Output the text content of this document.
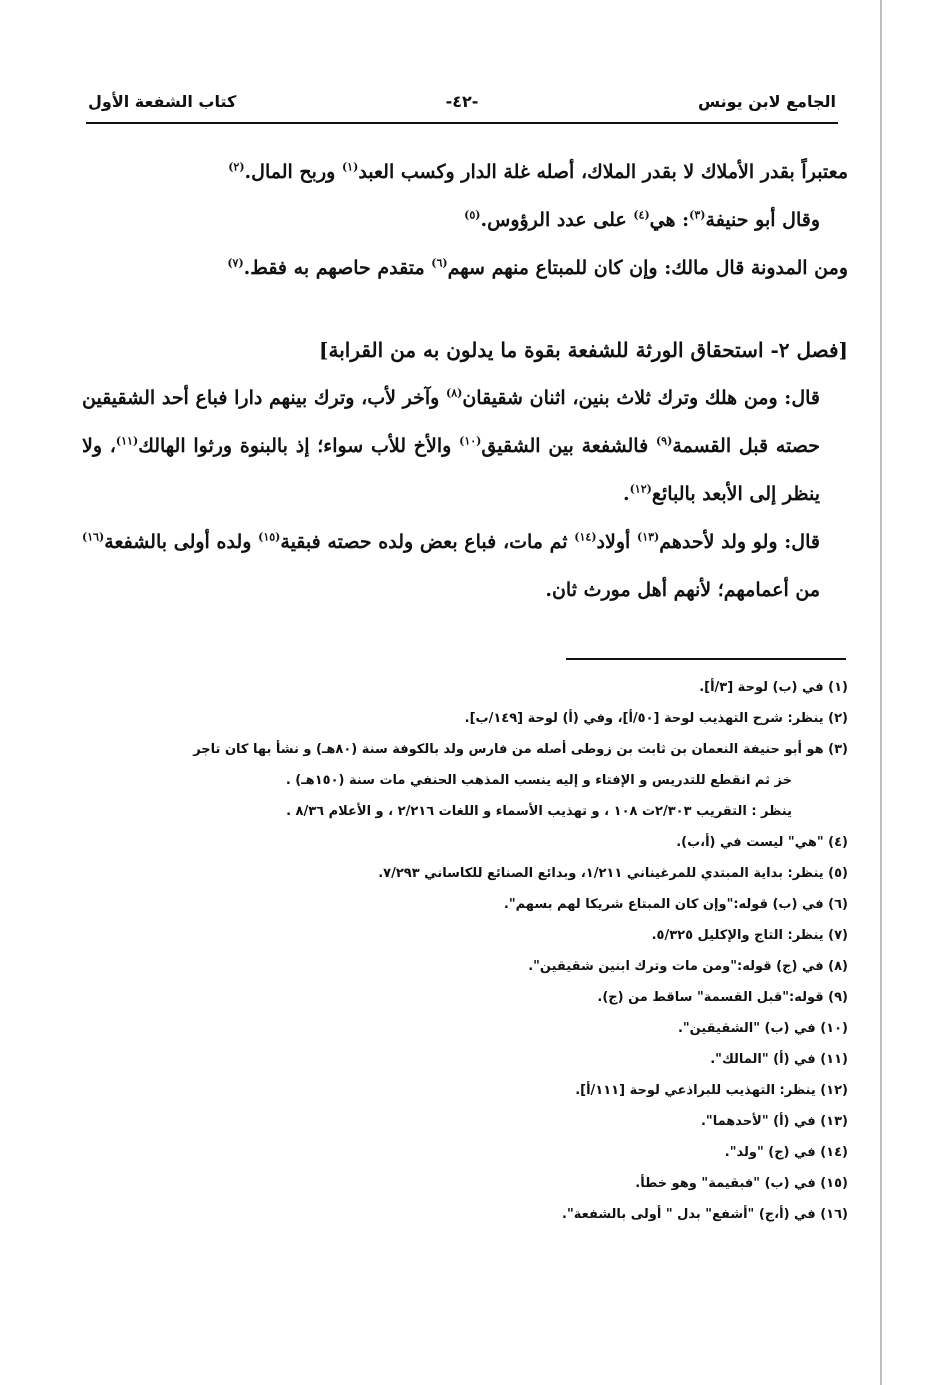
الجامع لابن يونس
-٤٢-
كتاب الشفعة الأول

معتبراً بقدر الأملاك لا بقدر الملاك، أصله غلة الدار وكسب العبد$^{(١)}$ وربح المال.$^{(٢)}$

وقال أبو حنيفة$^{(٣)}$: هي$^{(٤)}$ على عدد الرؤوس.$^{(٥)}$

ومن المدونة قال مالك: وإن كان للمبتاع منهم سهم$^{(٦)}$ متقدم حاصهم به فقط.$^{(٧)}$

[فصل ٢- استحقاق الورثة للشفعة بقوة ما يدلون به من القرابة]

قال: ومن هلك وترك ثلاث بنين، اثنان شقيقان$^{(٨)}$ وآخر لأب، وترك بينهم دارا فباع أحد الشقيقين حصته قبل القسمة$^{(٩)}$ فالشفعة بين الشقيق$^{(١٠)}$ والأخ للأب سواء؛ إذ بالبنوة ورثوا الهالك$^{(١١)}$، ولا ينظر إلى الأبعد بالبائع$^{(١٢)}$.

قال: ولو ولد لأحدهم$^{(١٣)}$ أولاد$^{(١٤)}$ ثم مات، فباع بعض ولده حصته فبقية$^{(١٥)}$ ولده أولى بالشفعة$^{(١٦)}$ من أعمامهم؛ لأنهم أهل مورث ثان.

(١) في (ب) لوحة [٣/أ].

(٢) ينظر: شرح التهذيب لوحة [٥٠/أ]، وفي (أ) لوحة [١٤٩/ب].

(٣) هو أبو حنيفة النعمان بن ثابت بن زوطى أصله من فارس ولد بالكوفة سنة (٨٠هـ) و نشأ بها كان تاجر

خز ثم انقطع للتدريس و الإفتاء و إليه ينسب المذهب الحنفي مات سنة (١٥٠هـ) .

ينظر : التقريب ٢/٣٠٣ت ١٠٨ ، و تهذيب الأسماء و اللغات ٢/٢١٦ ، و الأعلام ٨/٣٦ .

(٤) "هي" ليست في (أ،ب).

(٥) ينظر: بداية المبتدي للمرغيناني ١/٢١١، وبدائع الصنائع للكاساني ٧/٢٩٣.

(٦) في (ب) قوله:"وإن كان المبتاع شريكا لهم بسهم".

(٧) ينظر: التاج والإكليل ٥/٣٢٥.

(٨) في (ج) قوله:"ومن مات وترك ابنين شقيقين".

(٩) قوله:"قبل القسمة" ساقط من (ج).

(١٠) في (ب) "الشقيقين".

(١١) في (أ) "المالك".

(١٢) ينظر: التهذيب للبراذعي لوحة [١١١/أ].

(١٣) في (أ) "لأحدهما".

(١٤) في (ج) "ولد".

(١٥) في (ب) "فبقيمة" وهو خطأ.

(١٦) في (أ،ج) "أشفع" بدل " أولى بالشفعة".
